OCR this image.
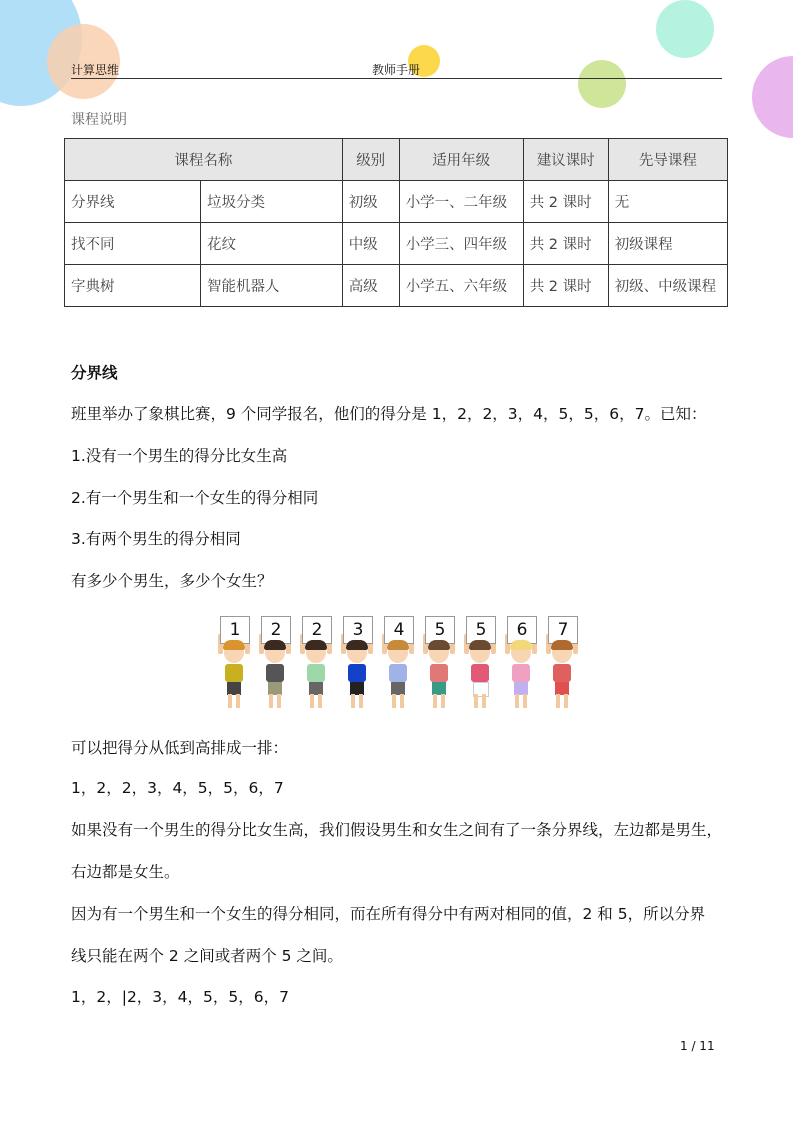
计算思维	教师手册
课程说明
课程名称		级别	适用年级	建议课时	先导课程
分界线	垃圾分类	初级	小学一、二年级	共 2 课时	无
找不同	花纹	中级	小学三、四年级	共 2 课时	初级课程
字典树	智能机器人	高级	小学五、六年级	共 2 课时	初级、中级课程
分界线
班里举办了象棋比赛，9 个同学报名，他们的得分是 1，2，2，3，4，5，5，6，7。已知：
1.没有一个男生的得分比女生高
2.有一个男生和一个女生的得分相同
3.有两个男生的得分相同
有多少个男生，多少个女生？
1	2	2	3	4	5	5	6	7
可以把得分从低到高排成一排：
1，2，2，3，4，5，5，6，7
如果没有一个男生的得分比女生高，我们假设男生和女生之间有了一条分界线，左边都是男生，
右边都是女生。
因为有一个男生和一个女生的得分相同，而在所有得分中有两对相同的值，2 和 5，所以分界
线只能在两个 2 之间或者两个 5 之间。
1，2，|2，3，4，5，5，6，7
1 / 11
